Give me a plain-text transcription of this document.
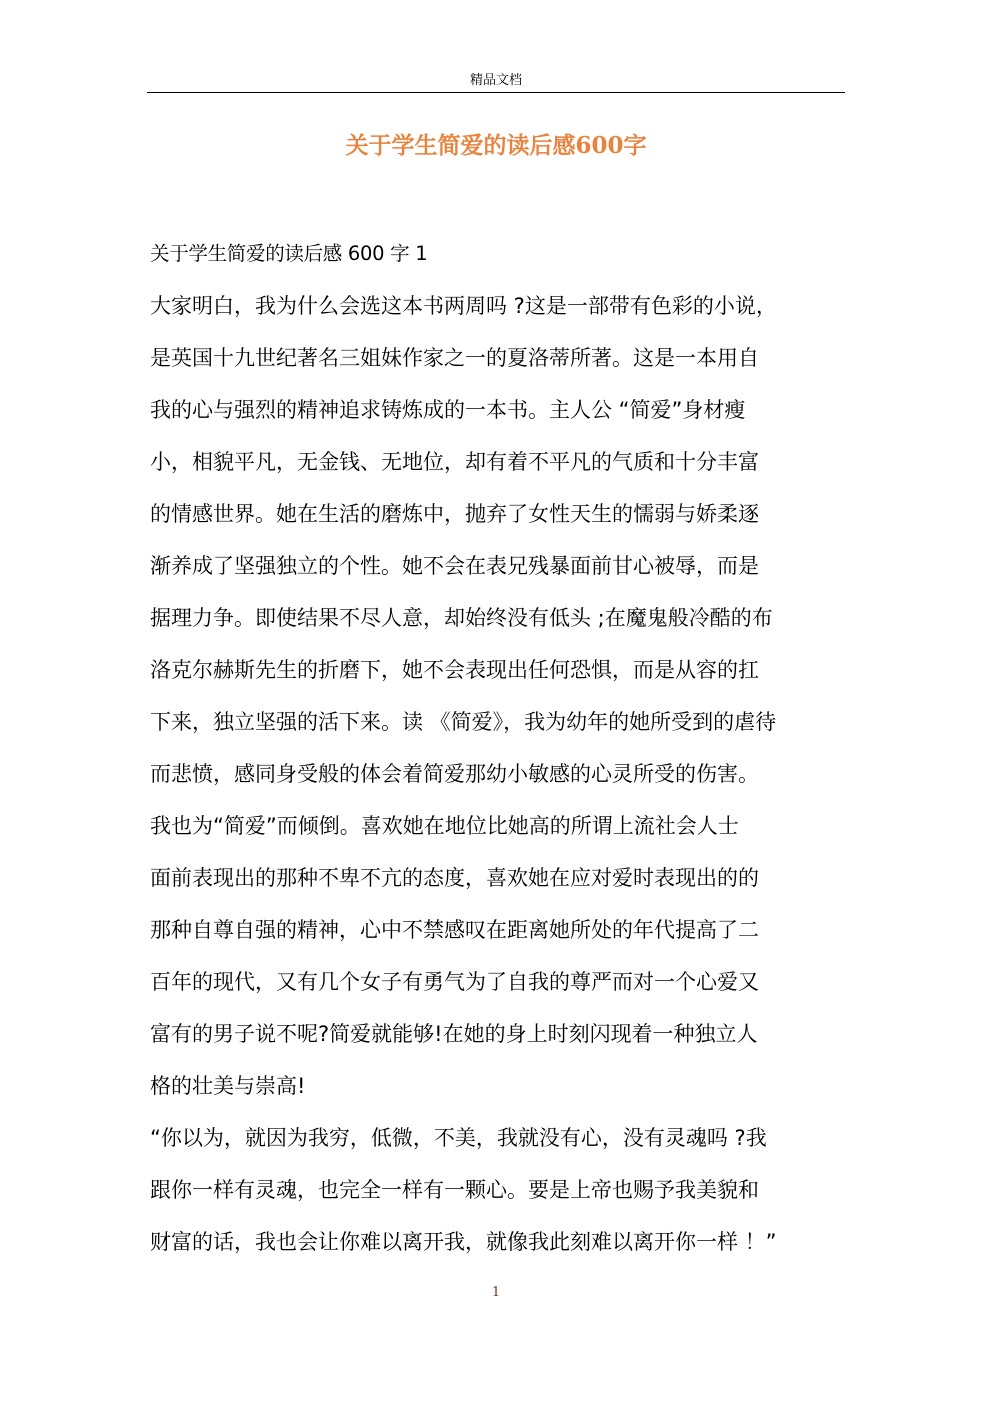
精品文档
关于学生简爱的读后感600字
关于学生简爱的读后感 600 字 1
大家明白，我为什么会选这本书两周吗 ?这是一部带有色彩的小说，
是英国十九世纪著名三姐妹作家之一的夏洛蒂所著。这是一本用自
我的心与强烈的精神追求铸炼成的一本书。主人公 “简爱”身材瘦
小，相貌平凡，无金钱、无地位，却有着不平凡的气质和十分丰富
的情感世界。她在生活的磨炼中，抛弃了女性天生的懦弱与娇柔逐
渐养成了坚强独立的个性。她不会在表兄残暴面前甘心被辱，而是
据理力争。即使结果不尽人意，却始终没有低头 ;在魔鬼般冷酷的布
洛克尔赫斯先生的折磨下，她不会表现出任何恐惧，而是从容的扛
下来，独立坚强的活下来。读 《简爱》，我为幼年的她所受到的虐待
而悲愤，感同身受般的体会着简爱那幼小敏感的心灵所受的伤害。
我也为“简爱”而倾倒。喜欢她在地位比她高的所谓上流社会人士
面前表现出的那种不卑不亢的态度，喜欢她在应对爱时表现出的的
那种自尊自强的精神，心中不禁感叹在距离她所处的年代提高了二
百年的现代，又有几个女子有勇气为了自我的尊严而对一个心爱又
富有的男子说不呢?简爱就能够!在她的身上时刻闪现着一种独立人
格的壮美与崇高!
“你以为，就因为我穷，低微，不美，我就没有心，没有灵魂吗 ?我
跟你一样有灵魂，也完全一样有一颗心。要是上帝也赐予我美貌和
财富的话，我也会让你难以离开我，就像我此刻难以离开你一样 ！”
1
